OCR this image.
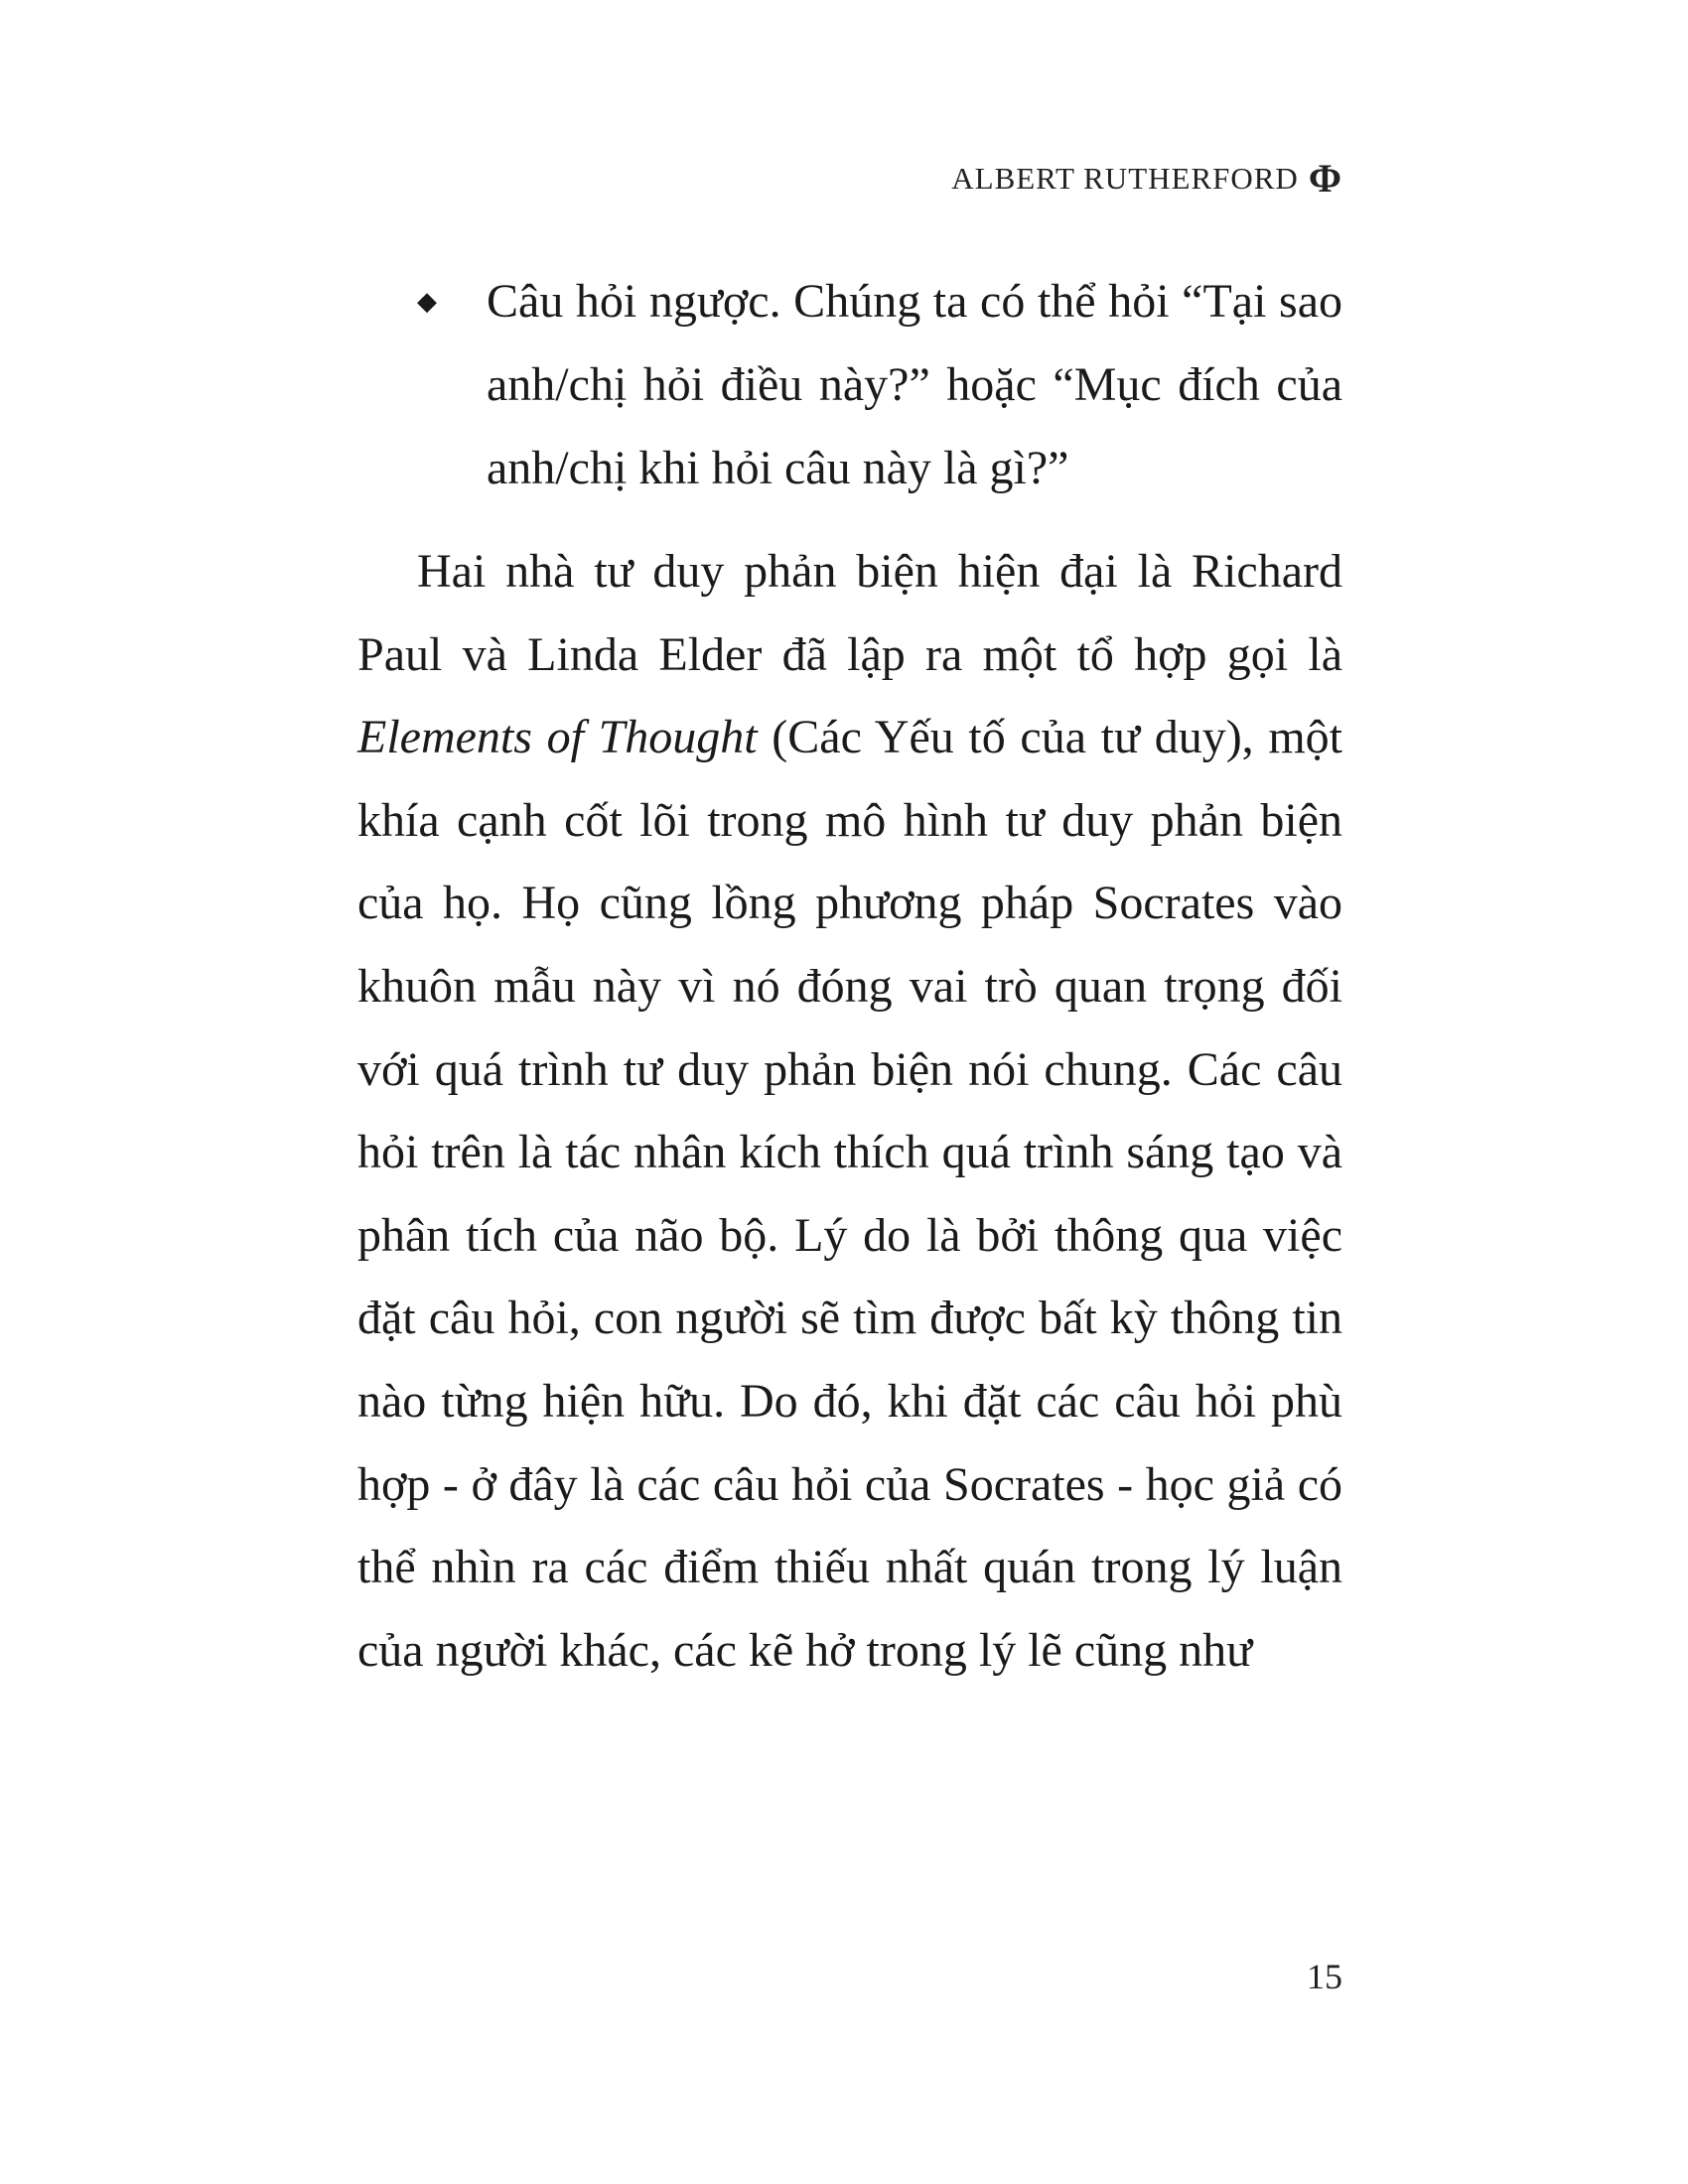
ALBERT RUTHERFORD Φ
◆	Câu hỏi ngược. Chúng ta có thể hỏi “Tại sao anh/chị hỏi điều này?” hoặc “Mục đích của anh/chị khi hỏi câu này là gì?”

Hai nhà tư duy phản biện hiện đại là Richard Paul và Linda Elder đã lập ra một tổ hợp gọi là Elements of Thought (Các Yếu tố của tư duy), một khía cạnh cốt lõi trong mô hình tư duy phản biện của họ. Họ cũng lồng phương pháp Socrates vào khuôn mẫu này vì nó đóng vai trò quan trọng đối với quá trình tư duy phản biện nói chung. Các câu hỏi trên là tác nhân kích thích quá trình sáng tạo và phân tích của não bộ. Lý do là bởi thông qua việc đặt câu hỏi, con người sẽ tìm được bất kỳ thông tin nào từng hiện hữu. Do đó, khi đặt các câu hỏi phù hợp - ở đây là các câu hỏi của Socrates - học giả có thể nhìn ra các điểm thiếu nhất quán trong lý luận của người khác, các kẽ hở trong lý lẽ cũng như

15
